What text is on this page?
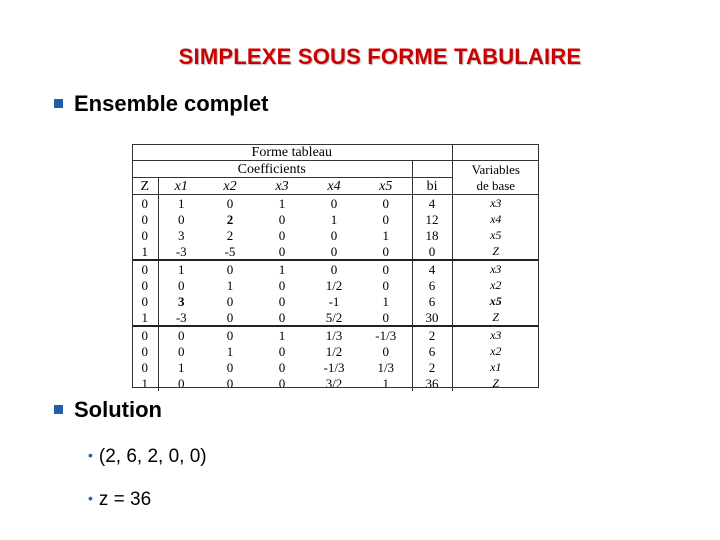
SIMPLEXE SOUS FORME TABULAIRE
Ensemble complet
Forme tableau							
Coefficients							Variables
Z	x1	x2	x3	x4	x5	bi	de base
0	1	0	1	0	0	4	x3
0	0	2	0	1	0	12	x4
0	3	2	0	0	1	18	x5
1	-3	-5	0	0	0	0	Z
0	1	0	1	0	0	4	x3
0	0	1	0	1/2	0	6	x2
0	3	0	0	-1	1	6	x5
1	-3	0	0	5/2	0	30	Z
0	0	0	1	1/3	-1/3	2	x3
0	0	1	0	1/2	0	6	x2
0	1	0	0	-1/3	1/3	2	x1
1	0	0	0	3/2	1	36	Z
Solution
• (2, 6, 2, 0, 0)
• z = 36
